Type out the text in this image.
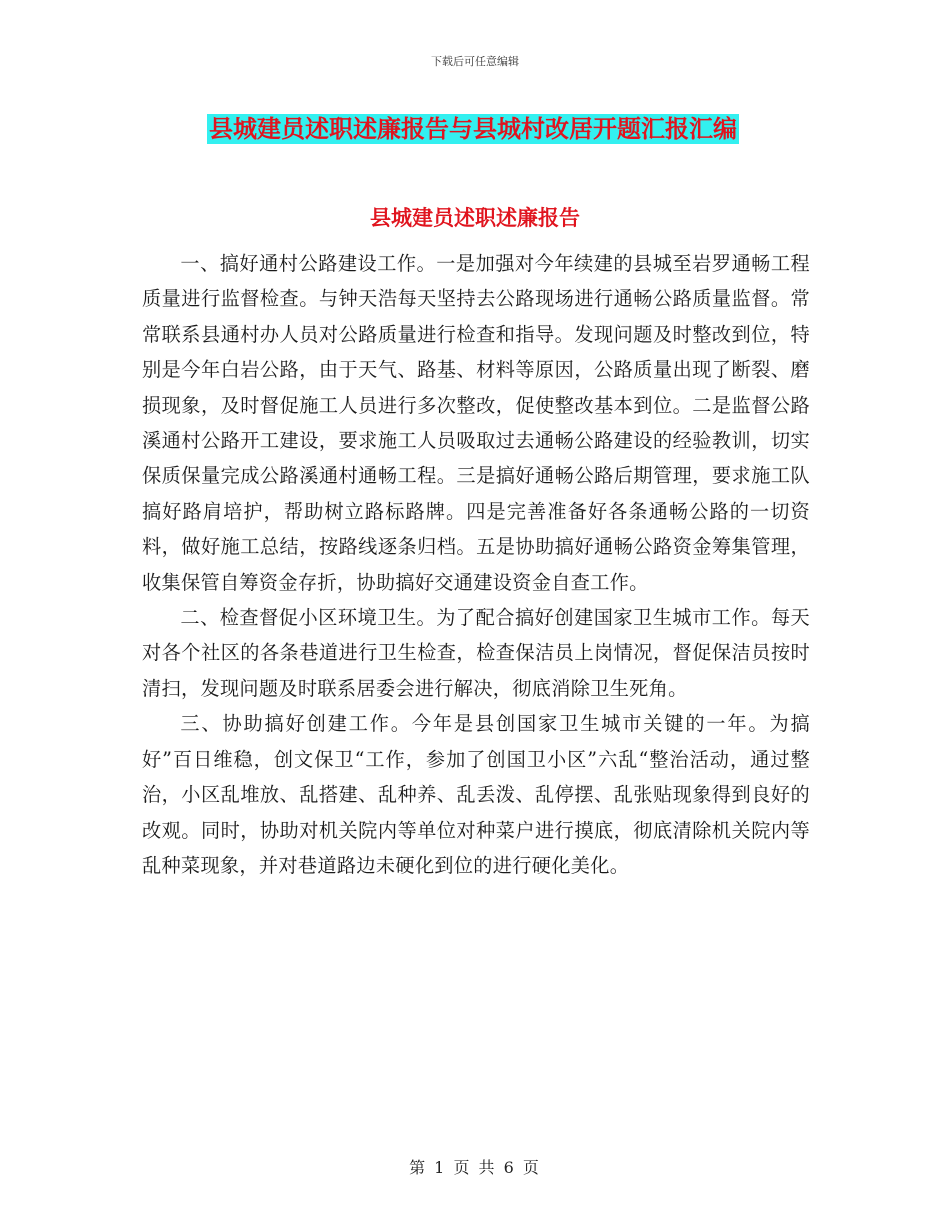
下载后可任意编辑
县城建员述职述廉报告与县城村改居开题汇报汇编
县城建员述职述廉报告

一、搞好通村公路建设工作。一是加强对今年续建的县城至岩罗通畅工程质量进行监督检查。与钟天浩每天坚持去公路现场进行通畅公路质量监督。常常联系县通村办人员对公路质量进行检查和指导。发现问题及时整改到位，特别是今年白岩公路，由于天气、路基、材料等原因，公路质量出现了断裂、磨损现象，及时督促施工人员进行多次整改，促使整改基本到位。二是监督公路溪通村公路开工建设，要求施工人员吸取过去通畅公路建设的经验教训，切实保质保量完成公路溪通村通畅工程。三是搞好通畅公路后期管理，要求施工队搞好路肩培护，帮助树立路标路牌。四是完善准备好各条通畅公路的一切资料，做好施工总结，按路线逐条归档。五是协助搞好通畅公路资金筹集管理，收集保管自筹资金存折，协助搞好交通建设资金自查工作。

二、检查督促小区环境卫生。为了配合搞好创建国家卫生城市工作。每天对各个社区的各条巷道进行卫生检查，检查保洁员上岗情况，督促保洁员按时清扫，发现问题及时联系居委会进行解决，彻底消除卫生死角。

三、协助搞好创建工作。今年是县创国家卫生城市关键的一年。为搞好”百日维稳，创文保卫“工作，参加了创国卫小区”六乱“整治活动，通过整治，小区乱堆放、乱搭建、乱种养、乱丢泼、乱停摆、乱张贴现象得到良好的改观。同时，协助对机关院内等单位对种菜户进行摸底，彻底清除机关院内等乱种菜现象，并对巷道路边未硬化到位的进行硬化美化。

第 1 页 共 6 页
